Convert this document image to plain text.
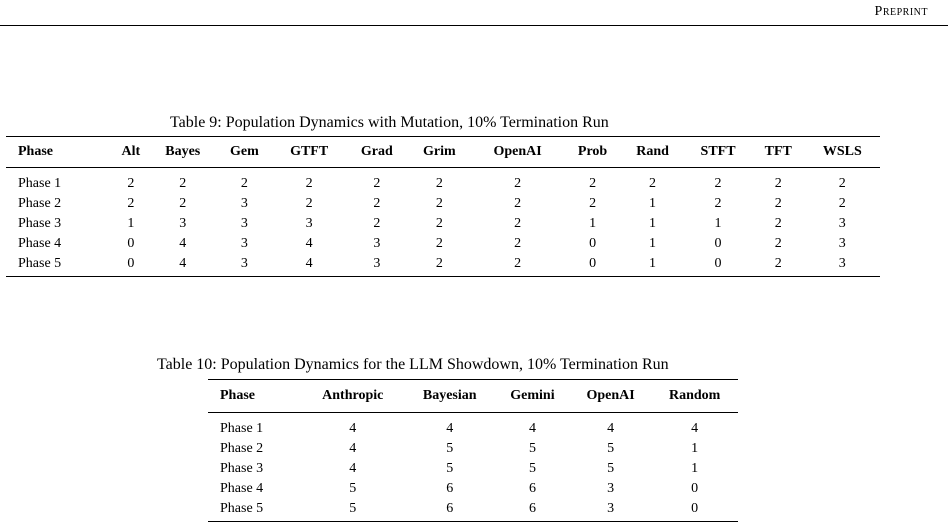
Preprint
Table 9: Population Dynamics with Mutation, 10% Termination Run
Phase	Alt	Bayes	Gem	GTFT	Grad	Grim	OpenAI	Prob	Rand	STFT	TFT	WSLS
Phase 1	2	2	2	2	2	2	2	2	2	2	2	2
Phase 2	2	2	3	2	2	2	2	2	1	2	2	2
Phase 3	1	3	3	3	2	2	2	1	1	1	2	3
Phase 4	0	4	3	4	3	2	2	0	1	0	2	3
Phase 5	0	4	3	4	3	2	2	0	1	0	2	3
Table 10: Population Dynamics for the LLM Showdown, 10% Termination Run
Phase	Anthropic	Bayesian	Gemini	OpenAI	Random
Phase 1	4	4	4	4	4
Phase 2	4	5	5	5	1
Phase 3	4	5	5	5	1
Phase 4	5	6	6	3	0
Phase 5	5	6	6	3	0
